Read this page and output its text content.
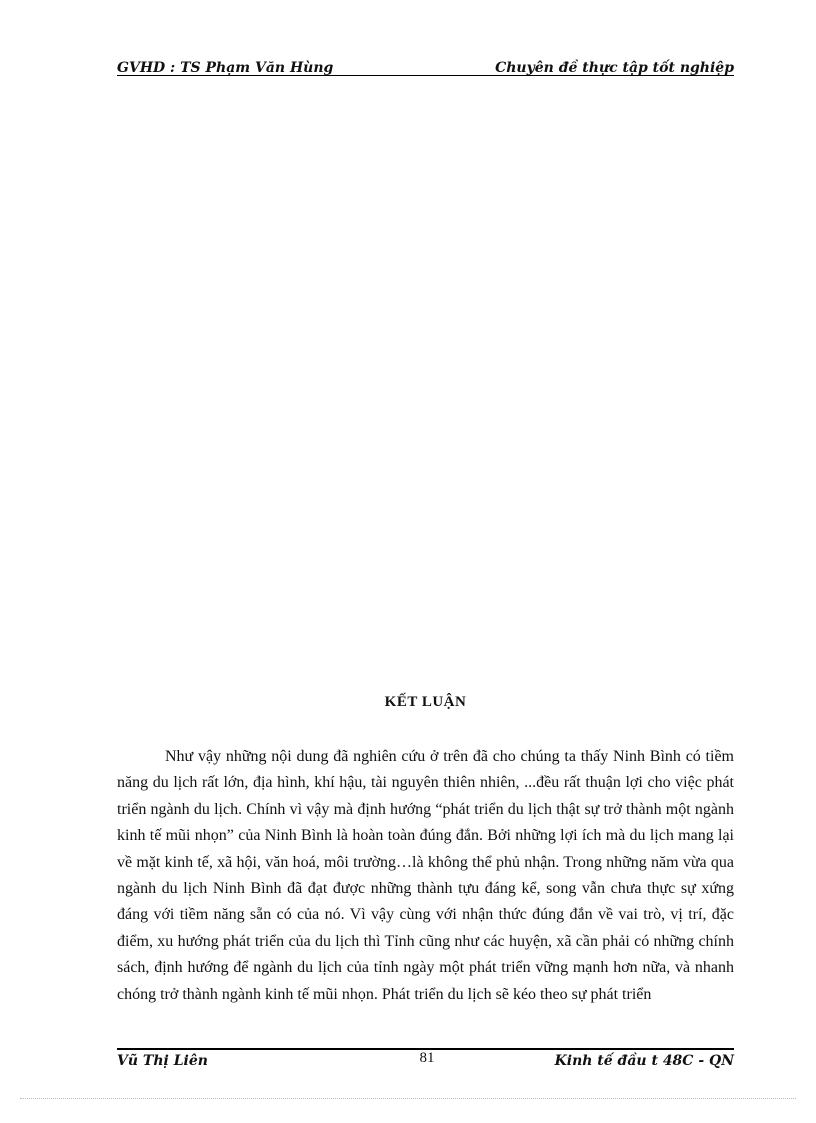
GVHD : TS Phạm Văn Hùng	Chuyên đề thực tập tốt nghiệp
KẾT LUẬN

Như vậy những nội dung đã nghiên cứu ở trên đã cho chúng ta thấy Ninh Bình có tiềm năng du lịch rất lớn, địa hình, khí hậu, tài nguyên thiên nhiên, ...đều rất thuận lợi cho việc phát triển ngành du lịch. Chính vì vậy mà định hướng “phát triển du lịch thật sự trở thành một ngành kinh tế mũi nhọn” của Ninh Bình là hoàn toàn đúng đắn. Bởi những lợi ích mà du lịch mang lại về mặt kinh tế, xã hội, văn hoá, môi trường…là không thể phủ nhận. Trong những năm vừa qua ngành du lịch Ninh Bình đã đạt được những thành tựu đáng kể, song vẫn chưa thực sự xứng đáng với tiềm năng sẵn có của nó. Vì vậy cùng với nhận thức đúng đắn về vai trò, vị trí, đặc điểm, xu hướng phát triển của du lịch thì Tỉnh cũng như các huyện, xã cần phải có những chính sách, định hướng để ngành du lịch của tỉnh ngày một phát triển vững mạnh hơn nữa, và nhanh chóng trở thành ngành kinh tế mũi nhọn. Phát triển du lịch sẽ kéo theo sự phát triển

Vũ Thị Liên	81	Kinh tế đầu t 48C - QN
